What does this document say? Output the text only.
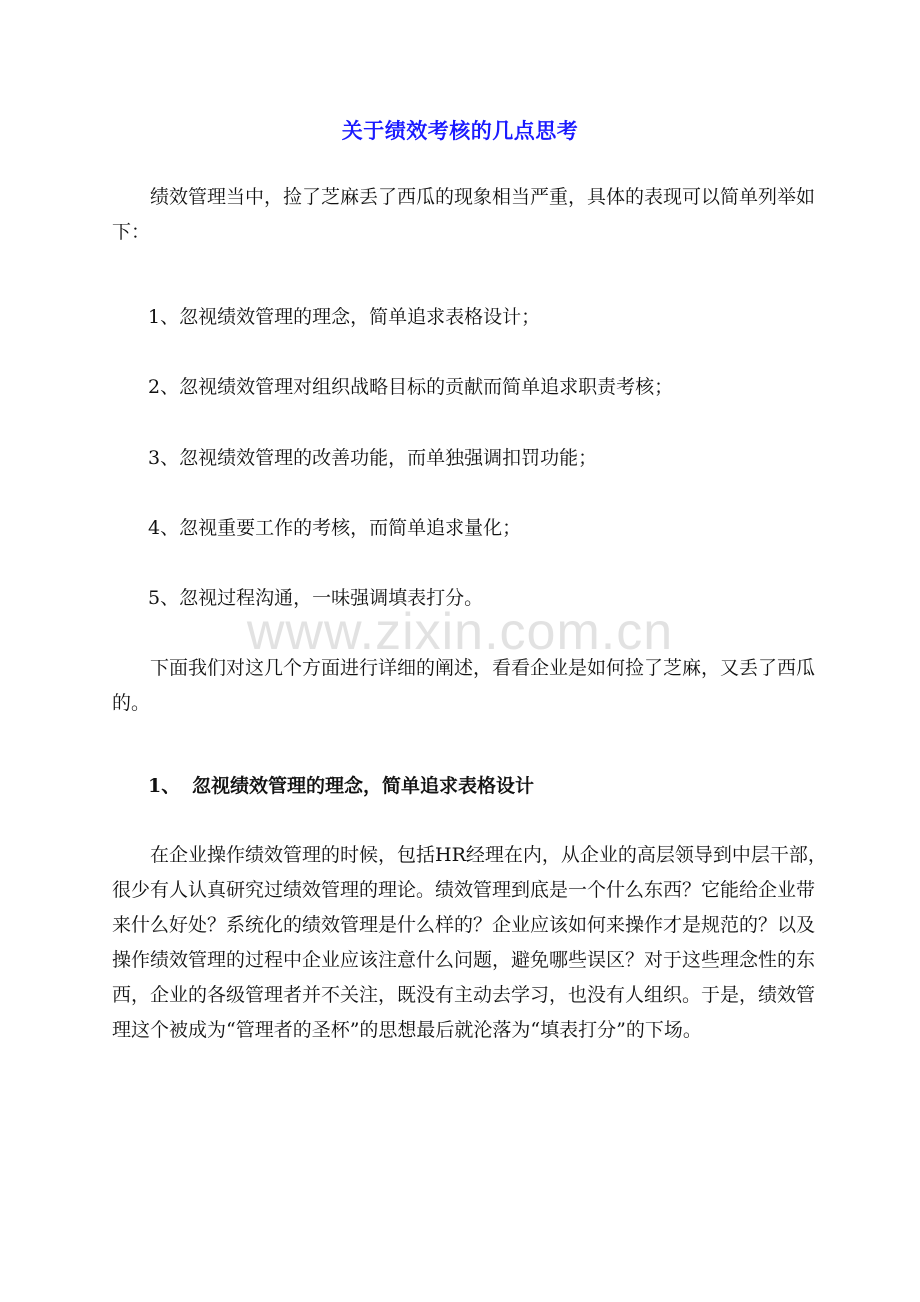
关于绩效考核的几点思考

绩效管理当中，捡了芝麻丢了西瓜的现象相当严重，具体的表现可以简单列举如下：

1、忽视绩效管理的理念，简单追求表格设计；
2、忽视绩效管理对组织战略目标的贡献而简单追求职责考核；
3、忽视绩效管理的改善功能，而单独强调扣罚功能；
4、忽视重要工作的考核，而简单追求量化；
5、忽视过程沟通，一味强调填表打分。
www.zixin.com.cn

下面我们对这几个方面进行详细的阐述，看看企业是如何捡了芝麻，又丢了西瓜的。

1、 忽视绩效管理的理念，简单追求表格设计

在企业操作绩效管理的时候，包括HR经理在内，从企业的高层领导到中层干部，很少有人认真研究过绩效管理的理论。绩效管理到底是一个什么东西？它能给企业带来什么好处？系统化的绩效管理是什么样的？企业应该如何来操作才是规范的？以及操作绩效管理的过程中企业应该注意什么问题，避免哪些误区？对于这些理念性的东西，企业的各级管理者并不关注，既没有主动去学习，也没有人组织。于是，绩效管理这个被成为“管理者的圣杯”的思想最后就沦落为“填表打分”的下场。
